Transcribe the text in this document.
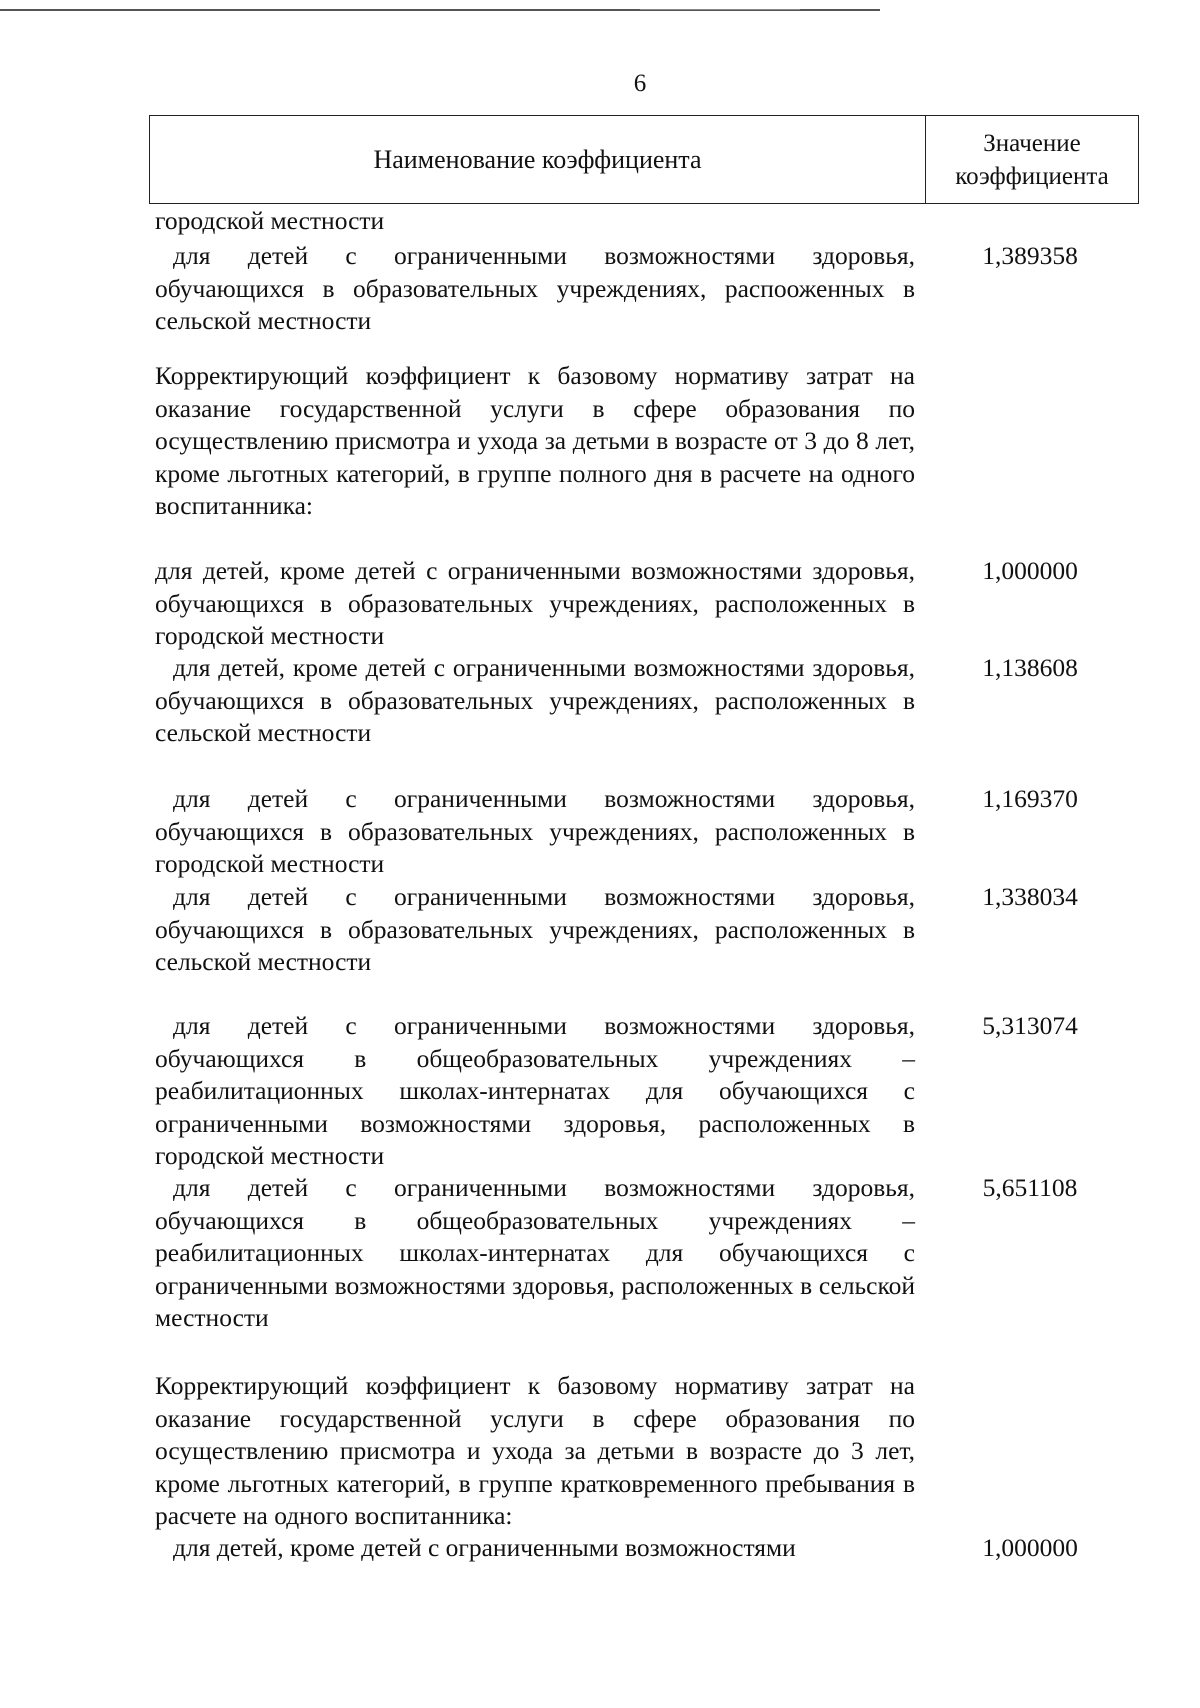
6
Наименование коэффициента
Значение коэффициента
городской местности
для детей с ограниченными возможностями здоровья, обучающихся в образовательных учреждениях, распооженных в сельской местности
1,389358
Корректирующий коэффициент к базовому нормативу затрат на оказание государственной услуги в сфере образования по осуществлению присмотра и ухода за детьми в возрасте от 3 до 8 лет, кроме льготных категорий, в группе полного дня в расчете на одного воспитанника:
для детей, кроме детей с ограниченными возможностями здоровья, обучающихся в образовательных учреждениях, расположенных в городской местности
1,000000
для детей, кроме детей с ограниченными возможностями здоровья, обучающихся в образовательных учреждениях, расположенных в сельской местности
1,138608
для детей с ограниченными возможностями здоровья, обучающихся в образовательных учреждениях, расположенных в городской местности
1,169370
для детей с ограниченными возможностями здоровья, обучающихся в образовательных учреждениях, расположенных в сельской местности
1,338034
для детей с ограниченными возможностями здоровья, обучающихся в общеобразовательных учреждениях – реабилитационных школах-интернатах для обучающихся с ограниченными возможностями здоровья, расположенных в городской местности
5,313074
для детей с ограниченными возможностями здоровья, обучающихся в общеобразовательных учреждениях – реабилитационных школах-интернатах для обучающихся с ограниченными возможностями здоровья, расположенных в сельской местности
5,651108
Корректирующий коэффициент к базовому нормативу затрат на оказание государственной услуги в сфере образования по осуществлению присмотра и ухода за детьми в возрасте до 3 лет, кроме льготных категорий, в группе кратковременного пребывания в расчете на одного воспитанника:
для детей, кроме детей с ограниченными возможностями	1,000000
